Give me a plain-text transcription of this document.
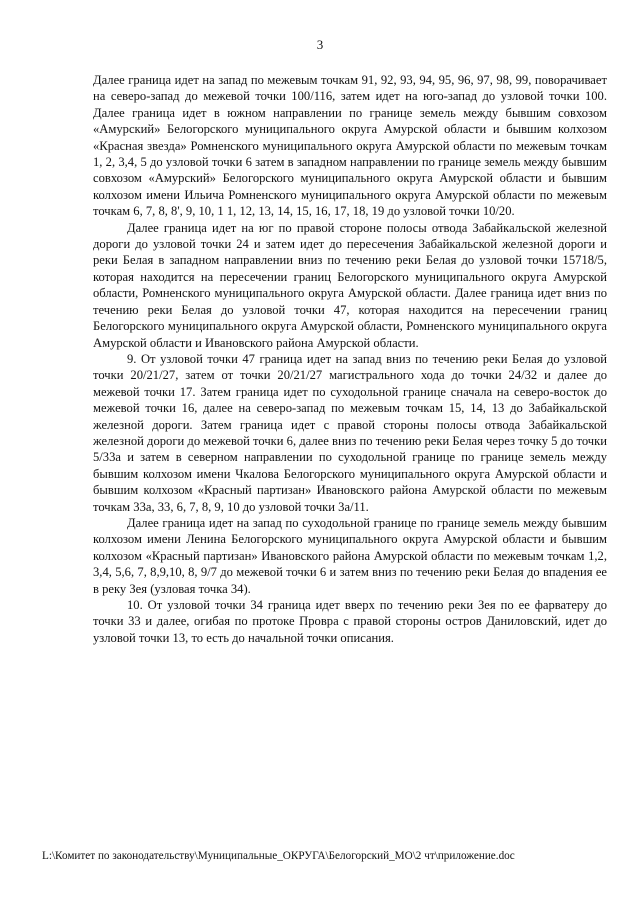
3

Далее граница идет на запад по межевым точкам 91, 92, 93, 94, 95, 96, 97, 98, 99, поворачивает на северо-запад до межевой точки 100/116, затем идет на юго-запад до узловой точки 100. Далее граница идет в южном направлении по границе земель между бывшим совхозом «Амурский» Белогорского муниципального округа Амурской области и бывшим колхозом «Красная звезда» Ромненского муниципального округа Амурской области по межевым точкам 1, 2, 3,4, 5 до узловой точки 6 затем в западном направлении по границе земель между бывшим совхозом «Амурский» Белогорского муниципального округа Амурской области и бывшим колхозом имени Ильича Ромненского муниципального округа Амурской области по межевым точкам 6, 7, 8, 8', 9, 10, 1 1, 12, 13, 14, 15, 16, 17, 18, 19 до узловой точки 10/20.

Далее граница идет на юг по правой стороне полосы отвода Забайкальской железной дороги до узловой точки 24 и затем идет до пересечения Забайкальской железной дороги и реки Белая в западном направлении вниз по течению реки Белая до узловой точки 15718/5, которая находится на пересечении границ Белогорского муниципального округа Амурской области, Ромненского муниципального округа Амурской области. Далее граница идет вниз по течению реки Белая до узловой точки 47, которая находится на пересечении границ Белогорского муниципального округа Амурской области, Ромненского муниципального округа Амурской области и Ивановского района Амурской области.

9. От узловой точки 47 граница идет на запад вниз по течению реки Белая до узловой точки 20/21/27, затем от точки 20/21/27 магистрального хода до точки 24/32 и далее до межевой точки 17. Затем граница идет по суходольной границе сначала на северо-восток до межевой точки 16, далее на северо-запад по межевым точкам 15, 14, 13 до Забайкальской железной дороги. Затем граница идет с правой стороны полосы отвода Забайкальской железной дороги до межевой точки 6, далее вниз по течению реки Белая через точку 5 до точки 5/33а и затем в северном направлении по суходольной границе по границе земель между бывшим колхозом имени Чкалова Белогорского муниципального округа Амурской области и бывшим колхозом «Красный партизан» Ивановского района Амурской области по межевым точкам 33а, 33, 6, 7, 8, 9, 10 до узловой точки 3а/11.

Далее граница идет на запад по суходольной границе по границе земель между бывшим колхозом имени Ленина Белогорского муниципального округа Амурской области и бывшим колхозом «Красный партизан» Ивановского района Амурской области по межевым точкам 1,2, 3,4, 5,6, 7, 8,9,10, 8, 9/7 до межевой точки 6 и затем вниз по течению реки Белая до впадения ее в реку Зея (узловая точка 34).

10. От узловой точки 34 граница идет вверх по течению реки Зея по ее фарватеру до точки 33 и далее, огибая по протоке Провра с правой стороны остров Даниловский, идет до узловой точки 13, то есть до начальной точки описания.

L:\Комитет по законодательству\Муниципальные_ОКРУГА\Белогорский_МО\2 чт\приложение.doc
